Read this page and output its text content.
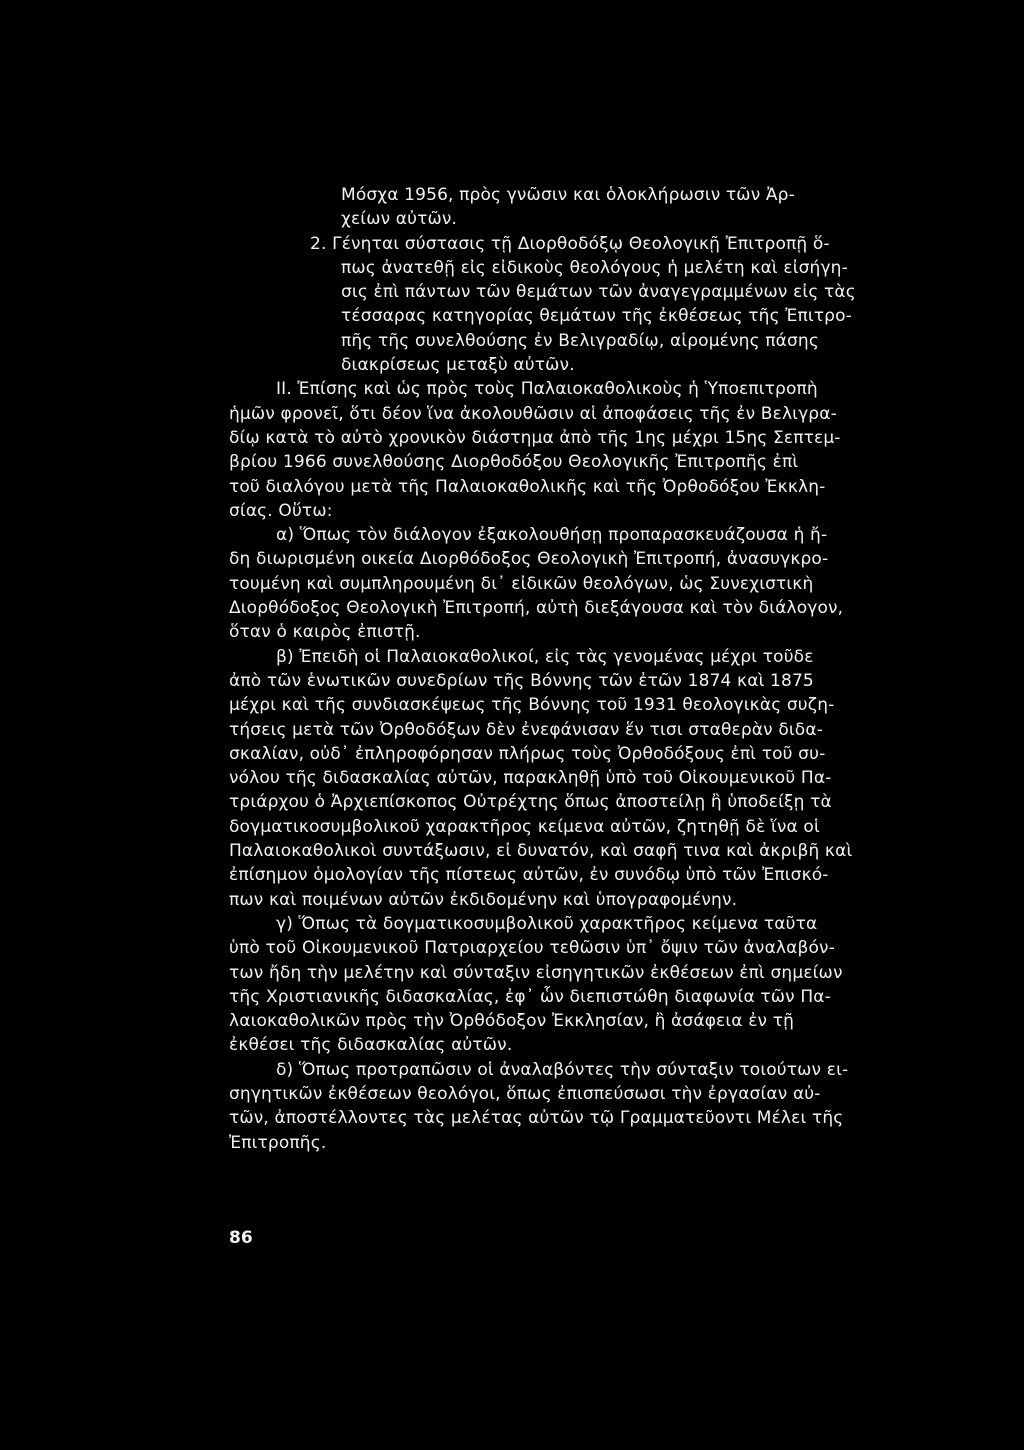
Μόσχα 1956, πρὸς γνῶσιν και ὁλοκλήρωσιν τῶν Ἀρ-
χείων αὐτῶν.
2. Γένηται σύστασις τῇ Διορθοδόξῳ Θεολογικῇ Ἐπιτροπῇ ὅ-
πως ἀνατεθῇ εἰς εἰδικοὺς θεολόγους ἡ μελέτη καὶ εἰσήγη-
σις ἐπὶ πάντων τῶν θεμάτων τῶν ἀναγεγραμμένων εἰς τὰς
τέσσαρας κατηγορίας θεμάτων τῆς ἐκθέσεως τῆς Ἐπιτρο-
πῆς τῆς συνελθούσης ἐν Βελιγραδίῳ, αἱρομένης πάσης
διακρίσεως μεταξὺ αὐτῶν.
ΙΙ. Ἐπίσης καὶ ὡς πρὸς τοὺς Παλαιοκαθολικοὺς ἡ Ὑποεπιτροπὴ
ἡμῶν φρονεῖ, ὅτι δέον ἵνα ἀκολουθῶσιν αἱ ἀποφάσεις τῆς ἐν Βελιγρα-
δίῳ κατὰ τὸ αὐτὸ χρονικὸν διάστημα ἀπὸ τῆς 1ης μέχρι 15ης Σεπτεμ-
βρίου 1966 συνελθούσης Διορθοδόξου Θεολογικῆς Ἐπιτροπῆς ἐπὶ
τοῦ διαλόγου μετὰ τῆς Παλαιοκαθολικῆς καὶ τῆς Ὀρθοδόξου Ἐκκλη-
σίας. Οὕτω:
α) Ὅπως τὸν διάλογον ἐξακολουθήσῃ προπαρασκευάζουσα ἡ ἤ-
δη διωρισμένη οικεία Διορθόδοξος Θεολογικὴ Ἐπιτροπή, ἀνασυγκρο-
τουμένη καὶ συμπληρουμένη δι᾽ εἰδικῶν θεολόγων, ὡς Συνεχιστικὴ
Διορθόδοξος Θεολογικὴ Ἐπιτροπή, αὐτὴ διεξάγουσα καὶ τὸν διάλογον,
ὅταν ὁ καιρὸς ἐπιστῇ.
β) Ἐπειδὴ οἱ Παλαιοκαθολικοί, εἰς τὰς γενομένας μέχρι τοῦδε
ἀπὸ τῶν ἑνωτικῶν συνεδρίων τῆς Βόννης τῶν ἐτῶν 1874 καὶ 1875
μέχρι καὶ τῆς συνδιασκέψεως τῆς Βόννης τοῦ 1931 θεολογικὰς συζη-
τήσεις μετὰ τῶν Ὀρθοδόξων δὲν ἐνεφάνισαν ἕν τισι σταθερὰν διδα-
σκαλίαν, οὐδ᾽ ἐπληροφόρησαν πλήρως τοὺς Ὀρθοδόξους ἐπὶ τοῦ συ-
νόλου τῆς διδασκαλίας αὐτῶν, παρακληθῇ ὑπὸ τοῦ Οἰκουμενικοῦ Πα-
τριάρχου ὁ Ἀρχιεπίσκοπος Οὐτρέχτης ὅπως ἀποστείλῃ ἢ ὑποδείξῃ τὰ
δογματικοσυμβολικοῦ χαρακτῆρος κείμενα αὐτῶν, ζητηθῇ δὲ ἵνα οἱ
Παλαιοκαθολικοὶ συντάξωσιν, εἰ δυνατόν, καὶ σαφῆ τινα καὶ ἀκριβῆ καὶ
ἐπίσημον ὁμολογίαν τῆς πίστεως αὐτῶν, ἐν συνόδῳ ὑπὸ τῶν Ἐπισκό-
πων καὶ ποιμένων αὐτῶν ἐκδιδομένην καὶ ὑπογραφομένην.
γ) Ὅπως τὰ δογματικοσυμβολικοῦ χαρακτῆρος κείμενα ταῦτα
ὑπὸ τοῦ Οἰκουμενικοῦ Πατριαρχείου τεθῶσιν ὑπ᾽ ὄψιν τῶν ἀναλαβόν-
των ἤδη τὴν μελέτην καὶ σύνταξιν εἰσηγητικῶν ἐκθέσεων ἐπὶ σημείων
τῆς Χριστιανικῆς διδασκαλίας, ἐφ᾽ ὧν διεπιστώθη διαφωνία τῶν Πα-
λαιοκαθολικῶν πρὸς τὴν Ὀρθόδοξον Ἐκκλησίαν, ἢ ἀσάφεια ἐν τῇ
ἐκθέσει τῆς διδασκαλίας αὐτῶν.
δ) Ὅπως προτραπῶσιν οἱ ἀναλαβόντες τὴν σύνταξιν τοιούτων ει-
σηγητικῶν ἐκθέσεων θεολόγοι, ὅπως ἐπισπεύσωσι τὴν ἐργασίαν αὐ-
τῶν, ἀποστέλλοντες τὰς μελέτας αὐτῶν τῷ Γραμματεῦοντι Μέλει τῆς
Ἐπιτροπῆς.
86
